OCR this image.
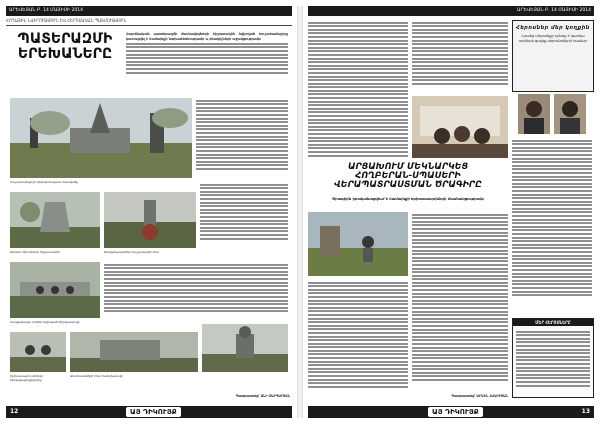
ԱՐԵՎԵՅԱՆ Բ. 14 ՄԱՅԻՍԻ 2014
ՀՈՂԱՅԻՆ ՆՎԻՐՈՒԹՅՈՒՆ ԵՎ ՀԵՐՈՍԱԿԱՆ ՊԱՏՄՈՒԹՅՈՒՆ
ՊԱՏԵՐԱԶՄԻ
ԵՐԵԽԱՆԵՐԸ
Հայրենական պատերազմի մասնակիցների հիշատակին նվիրված հուշահամալիրը կառուցվել է համայնքի նախաձեռնությամբ և բնակիչների աջակցությամբ:
Հուշահամալիրի կենտրոնական հատվածը
Անմահ հերոսների հիշատակին	Ծաղկեպսակներ հուշարձանի մոտ
Հաղթանակի տոնին նվիրված միջոցառումը
Երիտասարդ սերնդի ներկայացուցիչները
Վետերանների հետ հանդիպումը
Պատրաստեց՝ ԱՆԻ ՄԱՐԳԱՐՅԱՆ
12	ԱՅ ԴԻԿՈՒՅՔ
ԱՐԵՎԵՅԱՆ Բ. 14 ՄԱՅԻՍԻ 2014
Հերոսներ մեր կողքին
Նրանց սխրանքը պետք է դառնա օրինակ գալիք սերունդների համար
ՄԵՐ ՀԵՐՈՍՆԵՐԸ
ԱՐՑԱԽՈՒՄ ՄԵԿՆԱՐԿԵՑ
ՀՈՂԲԵՐԱՆ-ՍՊԱՍԵՐԻ
ՎԵՐԱՊԱՏՐԱՍՏՄԱՆ ԾՐԱԳԻՐԸ
Ծրագիրն իրականացվում է համայնքի երիտասարդների մասնակցությամբ
Պատրաստեց՝ ԱՐՄԵՆ ՀԱԿՈԲՅԱՆ
ԱՅ ԴԻԿՈՒՅՔ	13
